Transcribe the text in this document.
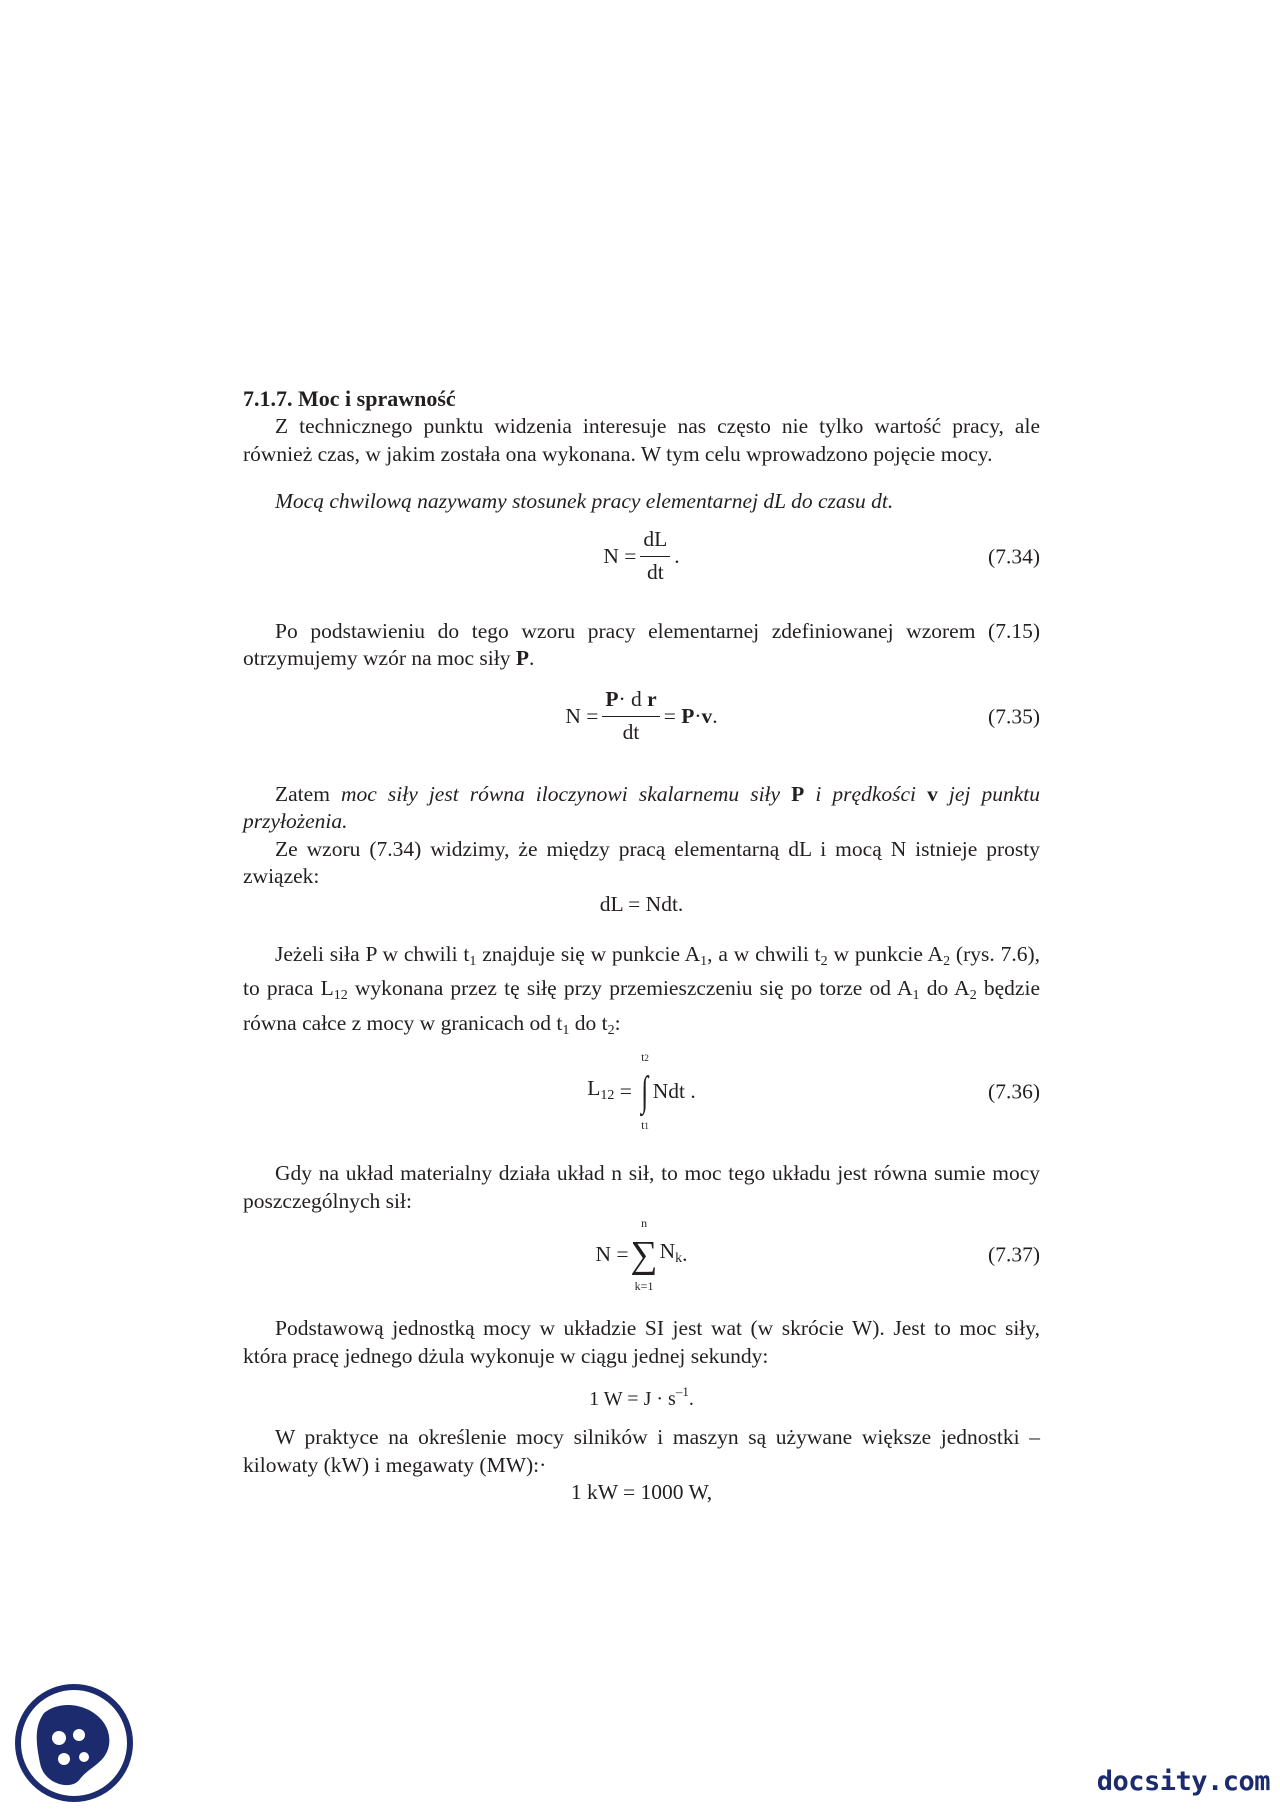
7.1.7. Moc i sprawność

Z technicznego punktu widzenia interesuje nas często nie tylko wartość pracy, ale również czas, w jakim została ona wykonana. W tym celu wprowadzono pojęcie mocy.

Mocą chwilową nazywamy stosunek pracy elementarnej dL do czasu dt.

$N = \frac{dL}{dt}$ .	(7.34)

Po podstawieniu do tego wzoru pracy elementarnej zdefiniowanej wzorem (7.15) otrzymujemy wzór na moc siły P.

$N = \frac{\text{P· d r}}{dt}$ =
P · v .	(7.35)

Zatem moc siły jest równa iloczynowi skalarnemu siły P i prędkości v jej punktu przyłożenia.

Ze wzoru (7.34) widzimy, że między pracą elementarną dL i mocą N istnieje prosty związek:

dL = Ndt.

Jeżeli siła P w chwili $t_1$ znajduje się w punkcie $A_1$, a w chwili $t_2$ w punkcie $A_2$ (rys. 7.6), to praca $L_{12}$ wykonana przez tę siłę przy przemieszczeniu się po torze od $A_1$ do $A_2$ będzie równa całce z mocy w granicach od $t_1$ do $t_2$:

$L_{12}$
=

t2
∫
t1
Ndt .	(7.36)

Gdy na układ materialny działa układ n sił, to moc tego układu jest równa sumie mocy poszczególnych sił:

N =
n
∑
k=1
$N_k$ .	(7.37)

Podstawową jednostką mocy w układzie SI jest wat (w skrócie W). Jest to moc siły, która pracę jednego dżula wykonuje w ciągu jednej sekundy:

1 $W = J \cdot s^{-1}$.

W praktyce na określenie mocy silników i maszyn są używane większe jednostki – kilowaty (kW) i megawaty (MW):·

1 kW = 1000 W,
docsity.com
